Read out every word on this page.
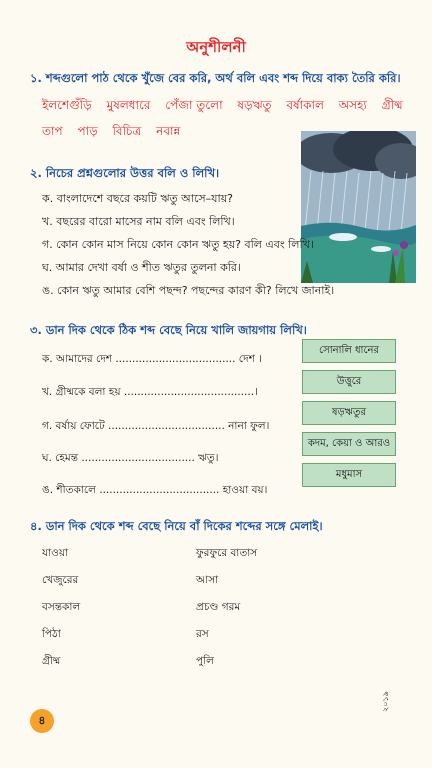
অনুশীলনী
১. শব্দগুলো পাঠ থেকে খুঁজে বের করি, অর্থ বলি এবং শব্দ দিয়ে বাক্য তৈরি করি।
ইলশেগুঁড়ি মুষলধারে পেঁজা তুলো ষড়ঋতু বর্ষাকাল অসহ্য গ্রীষ্ম তাপ পাড় বিচিত্র নবান্ন
২. নিচের প্রশ্নগুলোর উত্তর বলি ও লিখি।
ক. বাংলাদেশে বছরে কয়টি ঋতু আসে–যায়?
খ. বছরের বারো মাসের নাম বলি এবং লিখি।
গ. কোন কোন মাস নিয়ে কোন কোন ঋতু হয়? বলি এবং লিখি।
ঘ. আমার দেখা বর্ষা ও শীত ঋতুর তুলনা করি।
ঙ. কোন ঋতু আমার বেশি পছন্দ? পছন্দের কারণ কী? লিখে জানাই।
৩. ডান দিক থেকে ঠিক শব্দ বেছে নিয়ে খালি জায়গায় লিখি।
ক. আমাদের দেশ .................................... দেশ ।
খ. গ্রীষ্মকে বলা হয় .......................................।
গ. বর্ষায় ফোটে ................................... নানা ফুল।
ঘ. হেমন্ত .................................. ঋতু।
ঙ. শীতকালে .................................... হাওয়া বয়।
সোনালি ধানের
উত্তুরে
ষড়ঋতুর
কদম, কেয়া ও আরও
মধুমাস
৪. ডান দিক থেকে শব্দ বেছে নিয়ে বাঁ দিকের শব্দের সঙ্গে মেলাই।
যাওয়া
খেজুরের
বসন্তকাল
পিঠা
গ্রীষ্ম
ফুরফুরে বাতাস
আসা
প্রচণ্ড গরম
রস
পুলি
৪
২০১৯
